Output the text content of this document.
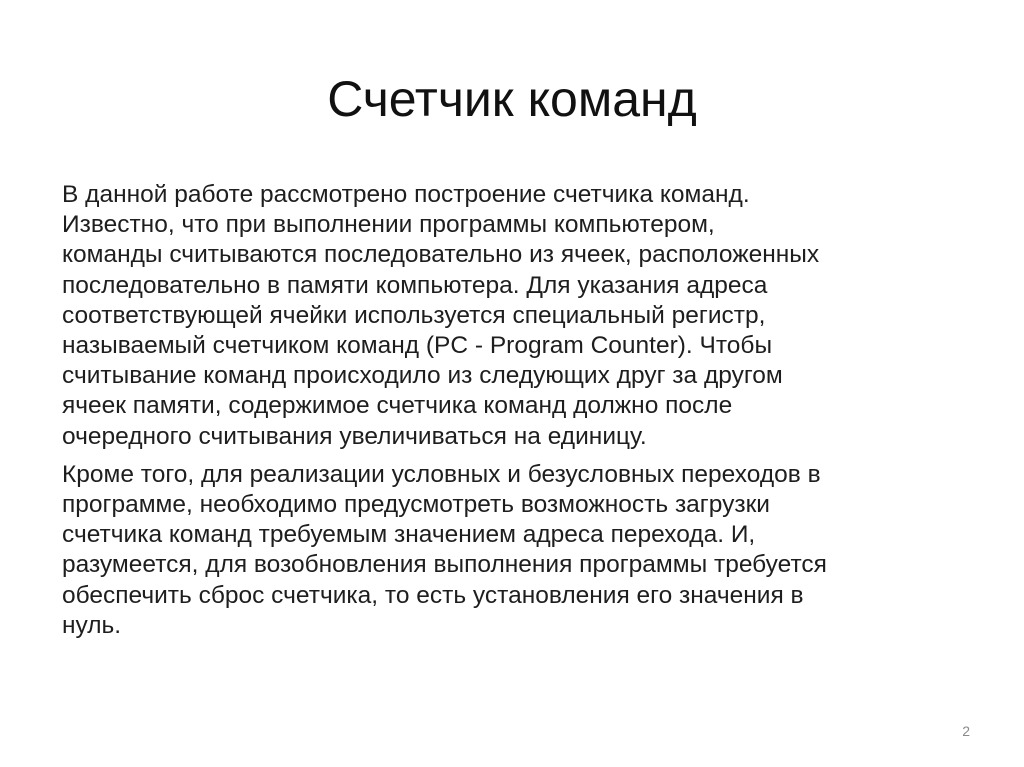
Счетчик команд

В данной работе рассмотрено построение счетчика команд.
Известно, что при выполнении программы компьютером,
команды считываются последовательно из ячеек, расположенных
последовательно в памяти компьютера. Для указания адреса
соответствующей ячейки используется специальный регистр,
называемый счетчиком команд (PC - Program Counter). Чтобы
считывание команд происходило из следующих друг за другом
ячеек памяти, содержимое счетчика команд должно после
очередного считывания увеличиваться на единицу.

Кроме того, для реализации условных и безусловных переходов в
программе, необходимо предусмотреть возможность загрузки
счетчика команд требуемым значением адреса перехода. И,
разумеется, для возобновления выполнения программы требуется
обеспечить сброс счетчика, то есть установления его значения в
нуль.

2
